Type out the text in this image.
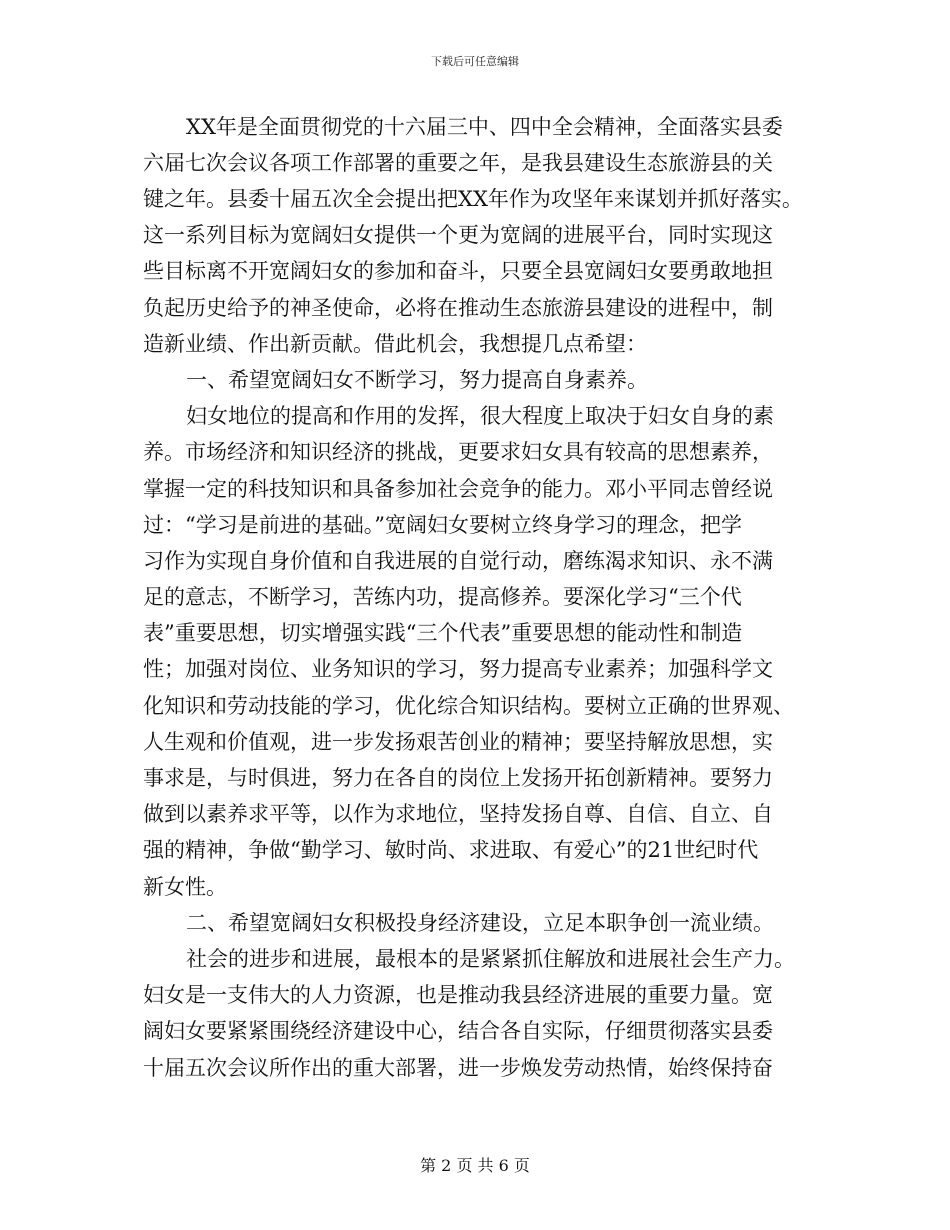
下载后可任意编辑
XX年是全面贯彻党的十六届三中、四中全会精神，全面落实县委
六届七次会议各项工作部署的重要之年，是我县建设生态旅游县的关
键之年。县委十届五次全会提出把XX年作为攻坚年来谋划并抓好落实。
这一系列目标为宽阔妇女提供一个更为宽阔的进展平台，同时实现这
些目标离不开宽阔妇女的参加和奋斗，只要全县宽阔妇女要勇敢地担
负起历史给予的神圣使命，必将在推动生态旅游县建设的进程中，制
造新业绩、作出新贡献。借此机会，我想提几点希望：
一、希望宽阔妇女不断学习，努力提高自身素养。
妇女地位的提高和作用的发挥，很大程度上取决于妇女自身的素
养。市场经济和知识经济的挑战，更要求妇女具有较高的思想素养，
掌握一定的科技知识和具备参加社会竞争的能力。邓小平同志曾经说
过：“学习是前进的基础。”宽阔妇女要树立终身学习的理念，把学
习作为实现自身价值和自我进展的自觉行动，磨练渴求知识、永不满
足的意志，不断学习，苦练内功，提高修养。要深化学习“三个代
表”重要思想，切实增强实践“三个代表”重要思想的能动性和制造
性；加强对岗位、业务知识的学习，努力提高专业素养；加强科学文
化知识和劳动技能的学习，优化综合知识结构。要树立正确的世界观、
人生观和价值观，进一步发扬艰苦创业的精神；要坚持解放思想，实
事求是，与时俱进，努力在各自的岗位上发扬开拓创新精神。要努力
做到以素养求平等，以作为求地位，坚持发扬自尊、自信、自立、自
强的精神，争做“勤学习、敏时尚、求进取、有爱心”的21世纪时代
新女性。
二、希望宽阔妇女积极投身经济建设，立足本职争创一流业绩。
社会的进步和进展，最根本的是紧紧抓住解放和进展社会生产力。
妇女是一支伟大的人力资源，也是推动我县经济进展的重要力量。宽
阔妇女要紧紧围绕经济建设中心，结合各自实际，仔细贯彻落实县委
十届五次会议所作出的重大部署，进一步焕发劳动热情，始终保持奋
第 2 页 共 6 页
